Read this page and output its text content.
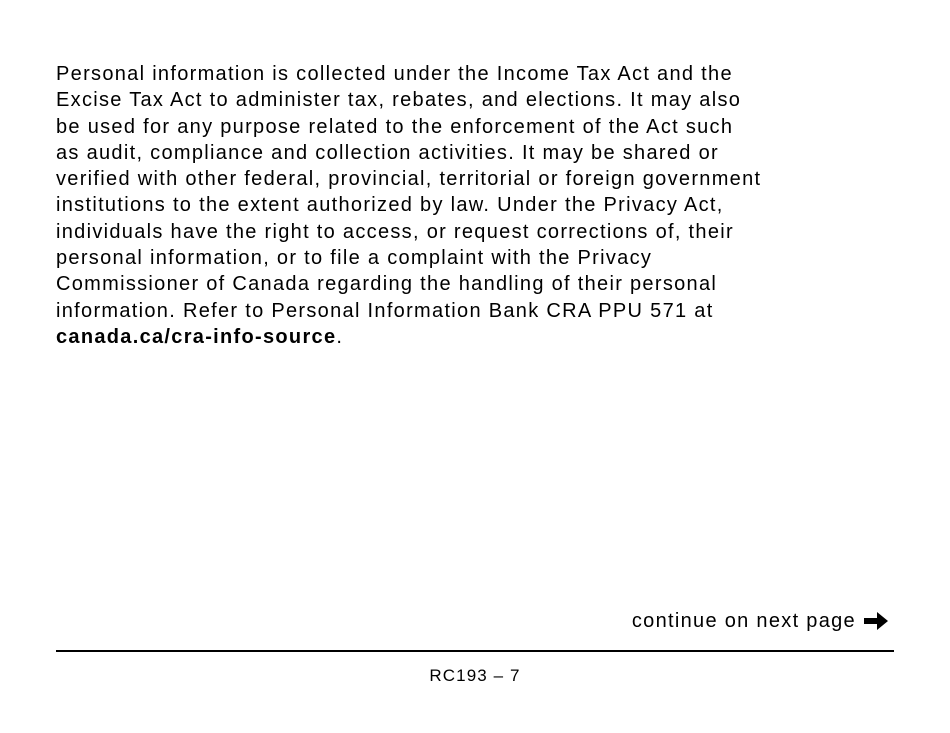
Personal information is collected under the Income Tax Act and the
Excise Tax Act to administer tax, rebates, and elections. It may also
be used for any purpose related to the enforcement of the Act such
as audit, compliance and collection activities. It may be shared or
verified with other federal, provincial, territorial or foreign government
institutions to the extent authorized by law. Under the Privacy Act,
individuals have the right to access, or request corrections of, their
personal information, or to file a complaint with the Privacy
Commissioner of Canada regarding the handling of their personal
information. Refer to Personal Information Bank CRA PPU 571 at
canada.ca/cra-info-source.
continue on next page
RC193 – 7
